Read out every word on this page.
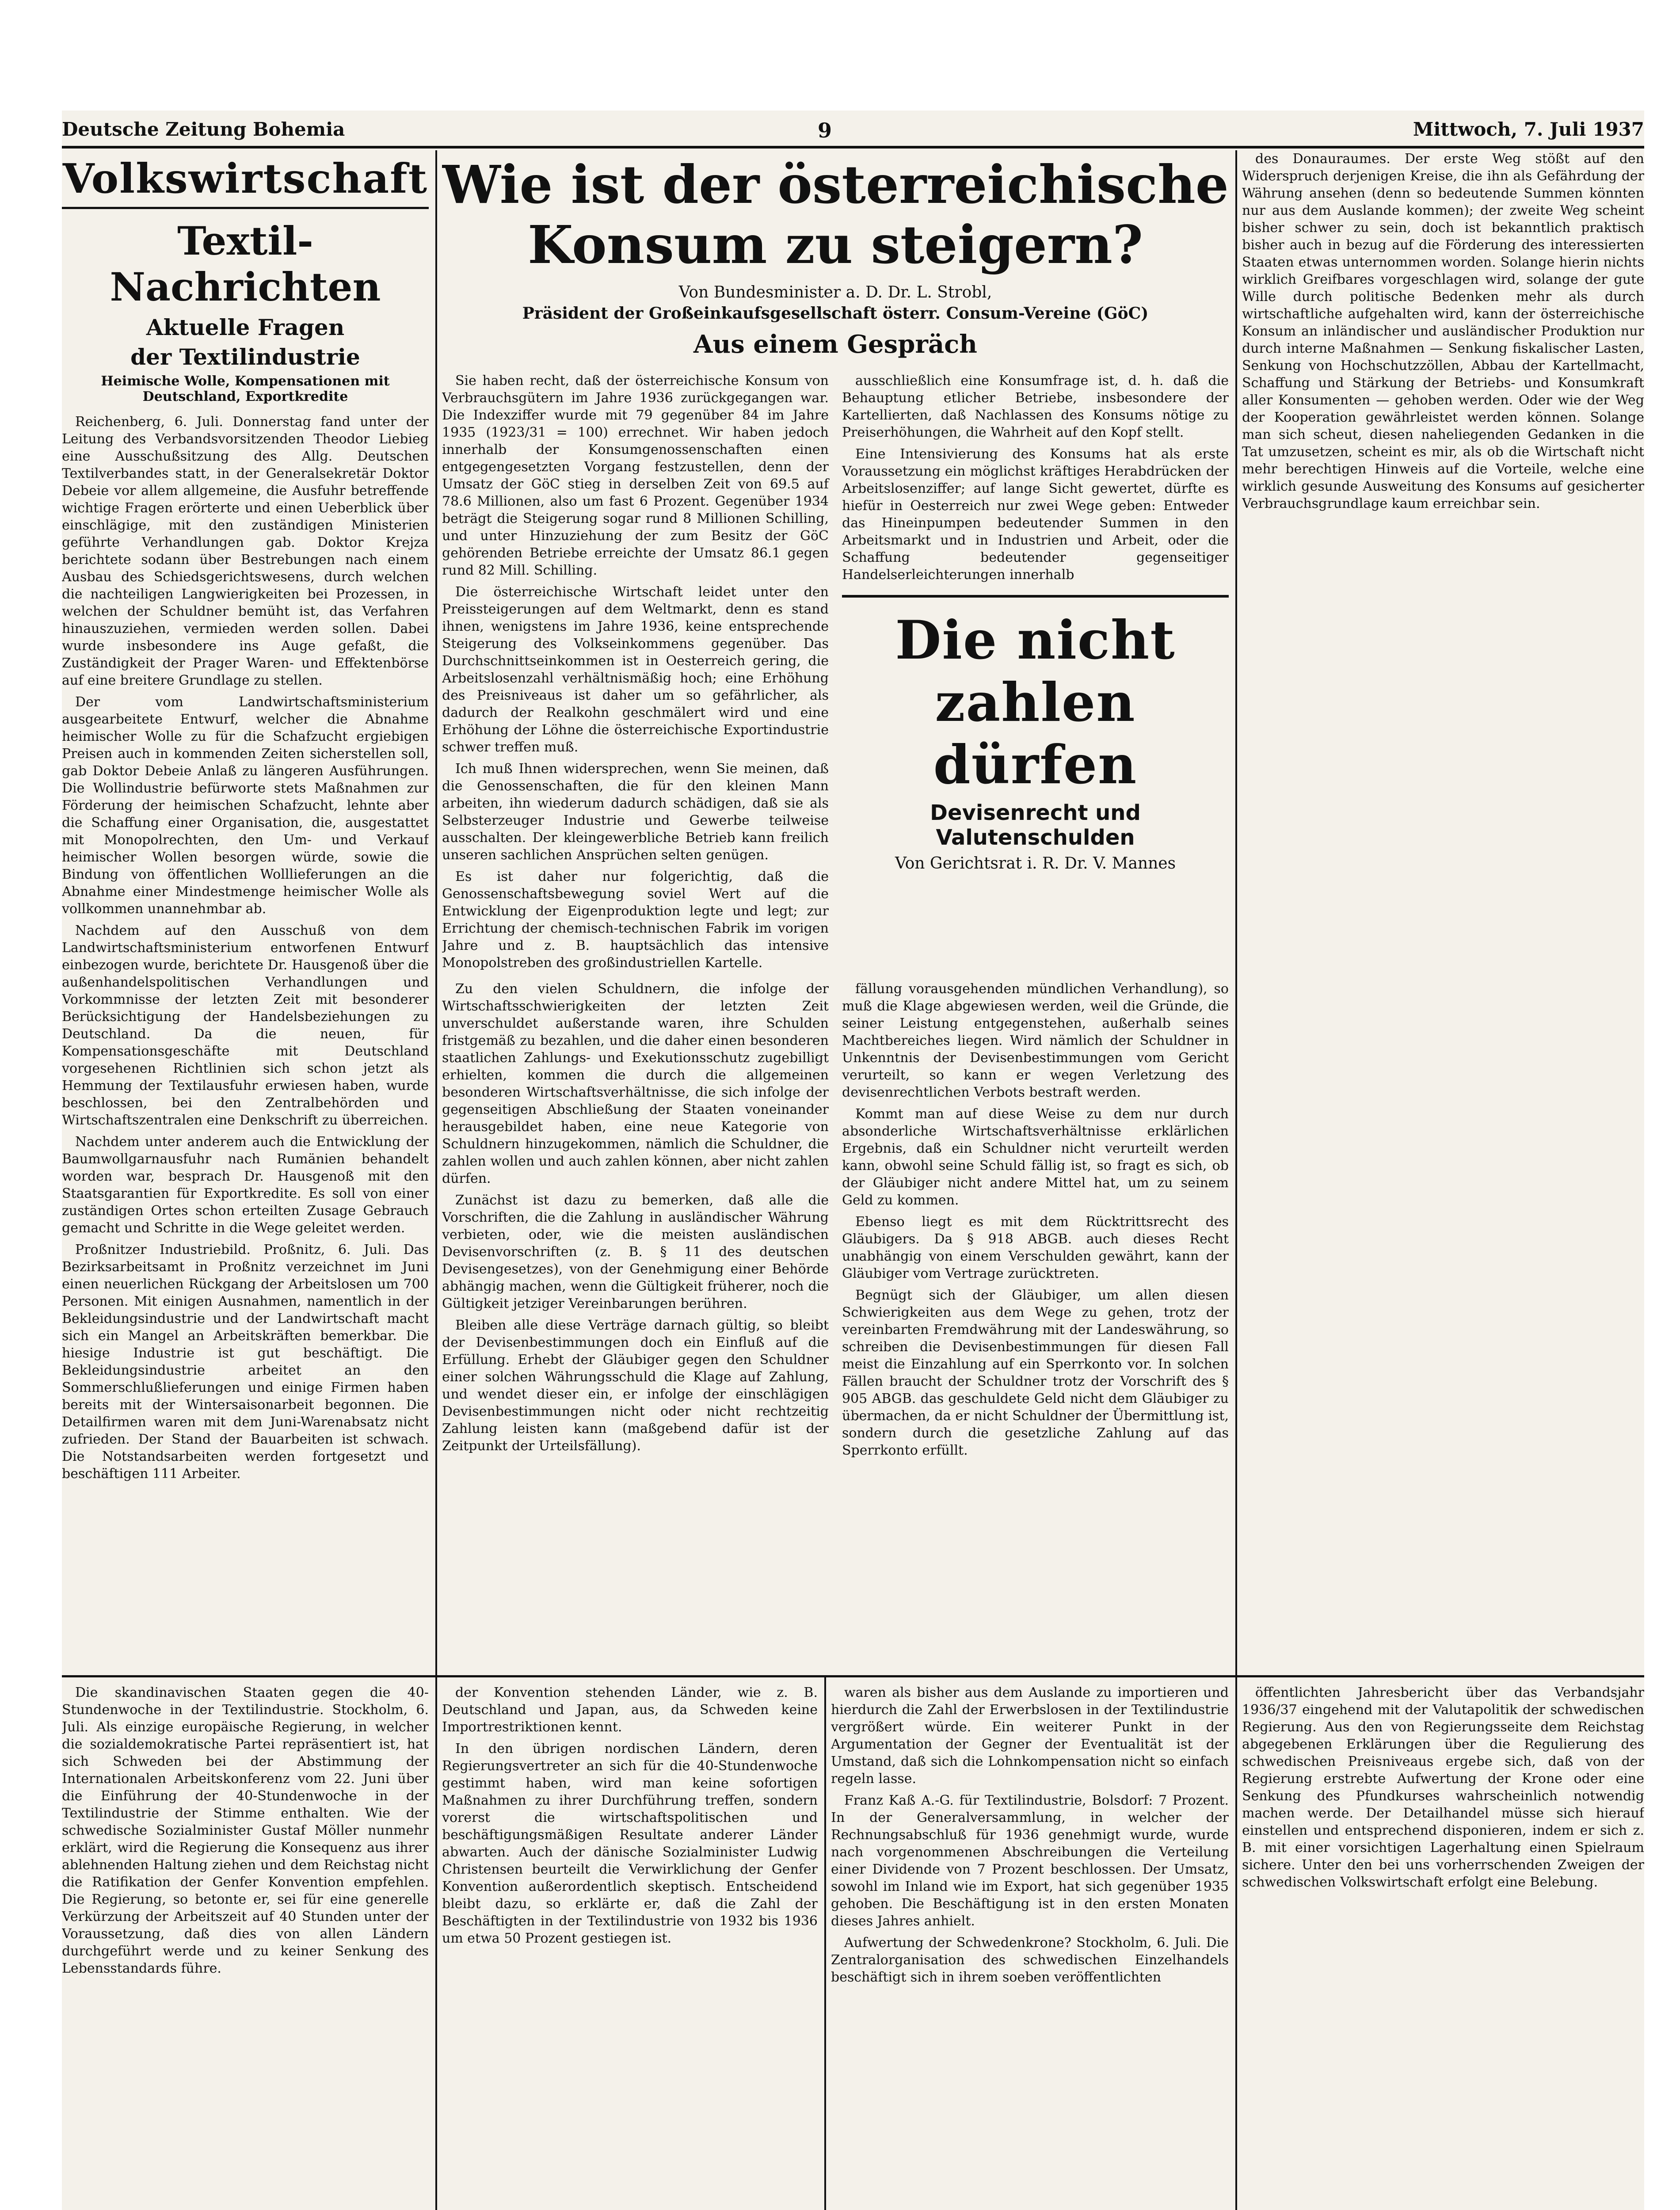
Deutsche Zeitung Bohemia	9	Mittwoch, 7. Juli 1937
Volkswirtschaft
Textil-Nachrichten
Aktuelle Fragen
der Textilindustrie
Heimische Wolle, Kompensationen mit Deutschland, Exportkredite

Reichenberg, 6. Juli. Donnerstag fand unter der Leitung des Verbandsvorsitzenden Theodor Liebieg eine Ausschußsitzung des Allg. Deutschen Textilverbandes statt, in der Generalsekretär Doktor Debeie vor allem allgemeine, die Ausfuhr betreffende wichtige Fragen erörterte und einen Ueberblick über einschlägige, mit den zuständigen Ministerien geführte Verhandlungen gab. Doktor Krejza berichtete sodann über Bestrebungen nach einem Ausbau des Schiedsgerichtswesens, durch welchen die nachteiligen Langwierigkeiten bei Prozessen, in welchen der Schuldner bemüht ist, das Verfahren hinauszuziehen, vermieden werden sollen. Dabei wurde insbesondere ins Auge gefaßt, die Zuständigkeit der Prager Waren- und Effektenbörse auf eine breitere Grundlage zu stellen.

Der vom Landwirtschaftsministerium ausgearbeitete Entwurf, welcher die Abnahme heimischer Wolle zu für die Schafzucht ergiebigen Preisen auch in kommenden Zeiten sicherstellen soll, gab Doktor Debeie Anlaß zu längeren Ausführungen. Die Wollindustrie befürworte stets Maßnahmen zur Förderung der heimischen Schafzucht, lehnte aber die Schaffung einer Organisation, die, ausgestattet mit Monopolrechten, den Um- und Verkauf heimischer Wollen besorgen würde, sowie die Bindung von öffentlichen Wolllieferungen an die Abnahme einer Mindestmenge heimischer Wolle als vollkommen unannehmbar ab.

Nachdem auf den Ausschuß von dem Landwirtschaftsministerium entworfenen Entwurf einbezogen wurde, berichtete Dr. Hausgenoß über die außenhandelspolitischen Verhandlungen und Vorkommnisse der letzten Zeit mit besonderer Berücksichtigung der Handelsbeziehungen zu Deutschland. Da die neuen, für Kompensationsgeschäfte mit Deutschland vorgesehenen Richtlinien sich schon jetzt als Hemmung der Textilausfuhr erwiesen haben, wurde beschlossen, bei den Zentralbehörden und Wirtschaftszentralen eine Denkschrift zu überreichen.

Nachdem unter anderem auch die Entwicklung der Baumwollgarnausfuhr nach Rumänien behandelt worden war, besprach Dr. Hausgenoß mit den Staatsgarantien für Exportkredite. Es soll von einer zuständigen Ortes schon erteilten Zusage Gebrauch gemacht und Schritte in die Wege geleitet werden.

Proßnitzer Industriebild. Proßnitz, 6. Juli. Das Bezirksarbeitsamt in Proßnitz verzeichnet im Juni einen neuerlichen Rückgang der Arbeitslosen um 700 Personen. Mit einigen Ausnahmen, namentlich in der Bekleidungsindustrie und der Landwirtschaft macht sich ein Mangel an Arbeitskräften bemerkbar. Die hiesige Industrie ist gut beschäftigt. Die Bekleidungsindustrie arbeitet an den Sommerschlußlieferungen und einige Firmen haben bereits mit der Wintersaisonarbeit begonnen. Die Detailfirmen waren mit dem Juni-Warenabsatz nicht zufrieden. Der Stand der Bauarbeiten ist schwach. Die Notstandsarbeiten werden fortgesetzt und beschäftigen 111 Arbeiter.

Wie ist der österreichische Konsum zu steigern?
Von Bundesminister a. D. Dr. L. Strobl,
Präsident der Großeinkaufsgesellschaft österr. Consum-Vereine (GöC)
Aus einem Gespräch

Sie haben recht, daß der österreichische Konsum von Verbrauchsgütern im Jahre 1936 zurückgegangen war. Die Indexziffer wurde mit 79 gegenüber 84 im Jahre 1935 (1923/31 = 100) errechnet. Wir haben jedoch innerhalb der Konsumgenossenschaften einen entgegengesetzten Vorgang festzustellen, denn der Umsatz der GöC stieg in derselben Zeit von 69.5 auf 78.6 Millionen, also um fast 6 Prozent. Gegenüber 1934 beträgt die Steigerung sogar rund 8 Millionen Schilling, und unter Hinzuziehung der zum Besitz der GöC gehörenden Betriebe erreichte der Umsatz 86.1 gegen rund 82 Mill. Schilling.

Die österreichische Wirtschaft leidet unter den Preissteigerungen auf dem Weltmarkt, denn es stand ihnen, wenigstens im Jahre 1936, keine entsprechende Steigerung des Volkseinkommens gegenüber. Das Durchschnittseinkommen ist in Oesterreich gering, die Arbeitslosenzahl verhältnismäßig hoch; eine Erhöhung des Preisniveaus ist daher um so gefährlicher, als dadurch der Realkohn geschmälert wird und eine Erhöhung der Löhne die österreichische Exportindustrie schwer treffen muß.

Ich muß Ihnen widersprechen, wenn Sie meinen, daß die Genossenschaften, die für den kleinen Mann arbeiten, ihn wiederum dadurch schädigen, daß sie als Selbsterzeuger Industrie und Gewerbe teilweise ausschalten. Der kleingewerbliche Betrieb kann freilich unseren sachlichen Ansprüchen selten genügen.

Es ist daher nur folgerichtig, daß die Genossenschaftsbewegung soviel Wert auf die Entwicklung der Eigenproduktion legte und legt; zur Errichtung der chemisch-technischen Fabrik im vorigen Jahre und z. B. hauptsächlich das intensive Monopolstreben des großindustriellen Kartelle.

ausschließlich eine Konsumfrage ist, d. h. daß die Behauptung etlicher Betriebe, insbesondere der Kartellierten, daß Nachlassen des Konsums nötige zu Preiserhöhungen, die Wahrheit auf den Kopf stellt.

Eine Intensivierung des Konsums hat als erste Voraussetzung ein möglichst kräftiges Herabdrücken der Arbeitslosenziffer; auf lange Sicht gewertet, dürfte es hiefür in Oesterreich nur zwei Wege geben: Entweder das Hineinpumpen bedeutender Summen in den Arbeitsmarkt und in Industrien und Arbeit, oder die Schaffung bedeutender gegenseitiger Handelserleichterungen innerhalb

Die nicht zahlen dürfen
Devisenrecht und Valutenschulden
Von Gerichtsrat i. R. Dr. V. Mannes

Zu den vielen Schuldnern, die infolge der Wirtschaftsschwierigkeiten der letzten Zeit unverschuldet außerstande waren, ihre Schulden fristgemäß zu bezahlen, und die daher einen besonderen staatlichen Zahlungs- und Exekutionsschutz zugebilligt erhielten, kommen die durch die allgemeinen besonderen Wirtschaftsverhältnisse, die sich infolge der gegenseitigen Abschließung der Staaten voneinander herausgebildet haben, eine neue Kategorie von Schuldnern hinzugekommen, nämlich die Schuldner, die zahlen wollen und auch zahlen können, aber nicht zahlen dürfen.

Zunächst ist dazu zu bemerken, daß alle die Vorschriften, die die Zahlung in ausländischer Währung verbieten, oder, wie die meisten ausländischen Devisenvorschriften (z. B. § 11 des deutschen Devisengesetzes), von der Genehmigung einer Behörde abhängig machen, wenn die Gültigkeit früherer, noch die Gültigkeit jetziger Vereinbarungen berühren.

Bleiben alle diese Verträge darnach gültig, so bleibt der Devisenbestimmungen doch ein Einfluß auf die Erfüllung. Erhebt der Gläubiger gegen den Schuldner einer solchen Währungsschuld die Klage auf Zahlung, und wendet dieser ein, er infolge der einschlägigen Devisenbestimmungen nicht oder nicht rechtzeitig Zahlung leisten kann (maßgebend dafür ist der Zeitpunkt der Urteilsfällung).

fällung vorausgehenden mündlichen Verhandlung), so muß die Klage abgewiesen werden, weil die Gründe, die seiner Leistung entgegenstehen, außerhalb seines Machtbereiches liegen. Wird nämlich der Schuldner in Unkenntnis der Devisenbestimmungen vom Gericht verurteilt, so kann er wegen Verletzung des devisenrechtlichen Verbots bestraft werden.

Kommt man auf diese Weise zu dem nur durch absonderliche Wirtschaftsverhältnisse erklärlichen Ergebnis, daß ein Schuldner nicht verurteilt werden kann, obwohl seine Schuld fällig ist, so fragt es sich, ob der Gläubiger nicht andere Mittel hat, um zu seinem Geld zu kommen.

Ebenso liegt es mit dem Rücktrittsrecht des Gläubigers. Da § 918 ABGB. auch dieses Recht unabhängig von einem Verschulden gewährt, kann der Gläubiger vom Vertrage zurücktreten.

Begnügt sich der Gläubiger, um allen diesen Schwierigkeiten aus dem Wege zu gehen, trotz der vereinbarten Fremdwährung mit der Landeswährung, so schreiben die Devisenbestimmungen für diesen Fall meist die Einzahlung auf ein Sperrkonto vor. In solchen Fällen braucht der Schuldner trotz der Vorschrift des § 905 ABGB. das geschuldete Geld nicht dem Gläubiger zu übermachen, da er nicht Schuldner der Übermittlung ist, sondern durch die gesetzliche Zahlung auf das Sperrkonto erfüllt.

des Donauraumes. Der erste Weg stößt auf den Widerspruch derjenigen Kreise, die ihn als Gefährdung der Währung ansehen (denn so bedeutende Summen könnten nur aus dem Auslande kommen); der zweite Weg scheint bisher schwer zu sein, doch ist bekanntlich praktisch bisher auch in bezug auf die Förderung des interessierten Staaten etwas unternommen worden. Solange hierin nichts wirklich Greifbares vorgeschlagen wird, solange der gute Wille durch politische Bedenken mehr als durch wirtschaftliche aufgehalten wird, kann der österreichische Konsum an inländischer und ausländischer Produktion nur durch interne Maßnahmen — Senkung fiskalischer Lasten, Senkung von Hochschutzzöllen, Abbau der Kartellmacht, Schaffung und Stärkung der Betriebs- und Konsumkraft aller Konsumenten — gehoben werden. Oder wie der Weg der Kooperation gewährleistet werden können. Solange man sich scheut, diesen naheliegenden Gedanken in die Tat umzusetzen, scheint es mir, als ob die Wirtschaft nicht mehr berechtigen Hinweis auf die Vorteile, welche eine wirklich gesunde Ausweitung des Konsums auf gesicherter Verbrauchsgrundlage kaum erreichbar sein.

Die skandinavischen Staaten gegen die 40-Stundenwoche in der Textilindustrie. Stockholm, 6. Juli. Als einzige europäische Regierung, in welcher die sozialdemokratische Partei repräsentiert ist, hat sich Schweden bei der Abstimmung der Internationalen Arbeitskonferenz vom 22. Juni über die Einführung der 40-Stundenwoche in der Textilindustrie der Stimme enthalten. Wie der schwedische Sozialminister Gustaf Möller nunmehr erklärt, wird die Regierung die Konsequenz aus ihrer ablehnenden Haltung ziehen und dem Reichstag nicht die Ratifikation der Genfer Konvention empfehlen. Die Regierung, so betonte er, sei für eine generelle Verkürzung der Arbeitszeit auf 40 Stunden unter der Voraussetzung, daß dies von allen Ländern durchgeführt werde und zu keiner Senkung des Lebensstandards führe.

der Konvention stehenden Länder, wie z. B. Deutschland und Japan, aus, da Schweden keine Importrestriktionen kennt.

In den übrigen nordischen Ländern, deren Regierungsvertreter an sich für die 40-Stundenwoche gestimmt haben, wird man keine sofortigen Maßnahmen zu ihrer Durchführung treffen, sondern vorerst die wirtschaftspolitischen und beschäftigungsmäßigen Resultate anderer Länder abwarten. Auch der dänische Sozialminister Ludwig Christensen beurteilt die Verwirklichung der Genfer Konvention außerordentlich skeptisch. Entscheidend bleibt dazu, so erklärte er, daß die Zahl der Beschäftigten in der Textilindustrie von 1932 bis 1936 um etwa 50 Prozent gestiegen ist.

waren als bisher aus dem Auslande zu importieren und hierdurch die Zahl der Erwerbslosen in der Textilindustrie vergrößert würde. Ein weiterer Punkt in der Argumentation der Gegner der Eventualität ist der Umstand, daß sich die Lohnkompensation nicht so einfach regeln lasse.

Franz Kaß A.-G. für Textilindustrie, Bolsdorf: 7 Prozent. In der Generalversammlung, in welcher der Rechnungsabschluß für 1936 genehmigt wurde, wurde nach vorgenommenen Abschreibungen die Verteilung einer Dividende von 7 Prozent beschlossen. Der Umsatz, sowohl im Inland wie im Export, hat sich gegenüber 1935 gehoben. Die Beschäftigung ist in den ersten Monaten dieses Jahres anhielt.

Aufwertung der Schwedenkrone? Stockholm, 6. Juli. Die Zentralorganisation des schwedischen Einzelhandels beschäftigt sich in ihrem soeben veröffentlichten

öffentlichten Jahresbericht über das Verbandsjahr 1936/37 eingehend mit der Valutapolitik der schwedischen Regierung. Aus den von Regierungsseite dem Reichstag abgegebenen Erklärungen über die Regulierung des schwedischen Preisniveaus ergebe sich, daß von der Regierung erstrebte Aufwertung der Krone oder eine Senkung des Pfundkurses wahrscheinlich notwendig machen werde. Der Detailhandel müsse sich hierauf einstellen und entsprechend disponieren, indem er sich z. B. mit einer vorsichtigen Lagerhaltung einen Spielraum sichere. Unter den bei uns vorherrschenden Zweigen der schwedischen Volkswirtschaft erfolgt eine Belebung.
